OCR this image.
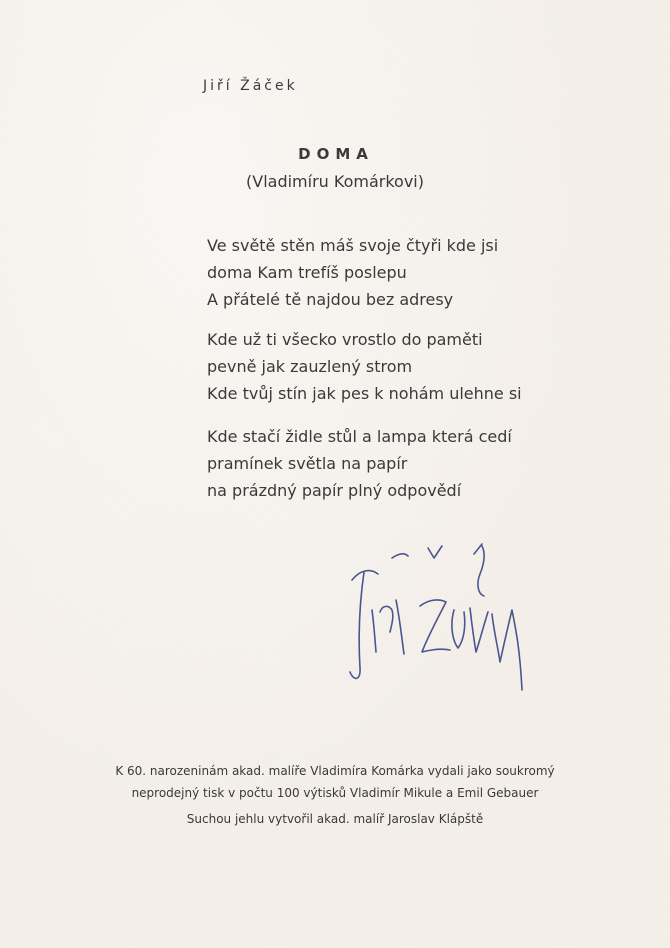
Jiří Žáček
DOMA
(Vladimíru Komárkovi)
Ve světě stěn máš svoje čtyři kde jsi
doma Kam trefíš poslepu
A přátelé tě najdou bez adresy
Kde už ti všecko vrostlo do paměti
pevně jak zauzlený strom
Kde tvůj stín jak pes k nohám ulehne si
Kde stačí židle stůl a lampa která cedí
pramínek světla na papír
na prázdný papír plný odpovědí
K 60. narozeninám akad. malíře Vladimíra Komárka vydali jako soukromý
neprodejný tisk v počtu 100 výtisků Vladimír Mikule a Emil Gebauer
Suchou jehlu vytvořil akad. malíř Jaroslav Klápště
